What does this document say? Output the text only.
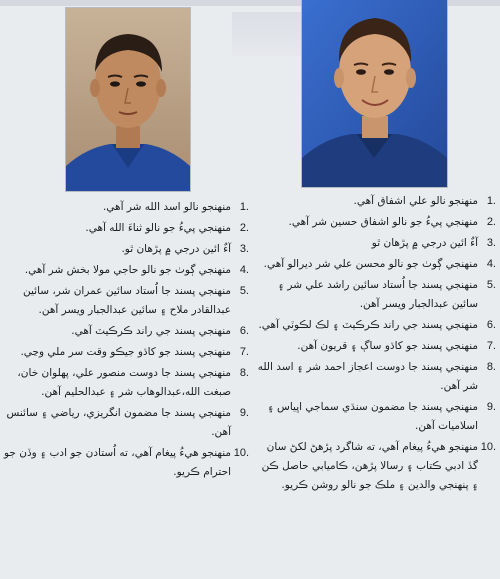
1.
منهنجو نالو اسد الله شر آهي.
2.
منهنجي پيءُ جو نالو ثناءَ الله آهي.
3.
آءٌ ائين درجي ۾ پڙهان ٿو.
4.
منهنجي ڳوٺ جو نالو حاجي مولا بخش شر آهي.
5.
منهنجي پسند جا اُستاد سائين عمران شر، سائين عبدالقادر ملاح ۽ سائين عبدالجبار ويسر آهن.
6.
منهنجي پسند جي راند ڪرڪيٽ آهي.
7.
منهنجي پسند جو کاڌو جيڪو وقت سر ملي وڃي.
8.
منهنجي پسند جا دوست منصور علي، پهلوان خان، صبغت الله،عبدالوهاب شر ۽ عبدالحليم آهن.
9.
منهنجي پسند جا مضمون انگريزي، رياضي ۽ سائنس آهن.
10.
منهنجو هيءُ پيغام آهي، ته اُستادن جو ادب ۽ وڏن جو احترام ڪريو.
1.
منهنجو نالو علي اشفاق آهي.
2.
منهنجي پيءُ جو نالو اشفاق حسين شر آهي.
3.
آءٌ ائين درجي ۾ پڙهان ٿو
4.
منهنجي ڳوٺ جو نالو محسن علي شر ديرالو آهي.
5.
منهنجي پسند جا اُستاد سائين راشد علي شر ۽ سائين عبدالجبار ويسر آهن.
6.
منهنجي پسند جي راند ڪرڪيٽ ۽ لڪ لڪوٽي آهي.
7.
منهنجي پسند جو کاڌو ساڳ ۽ قريون آهن.
8.
منهنجي پسند جا دوست اعجاز احمد شر ۽ اسد الله شر آهن.
9.
منهنجي پسند جا مضمون سنڌي سماجي اڀياس ۽ اسلاميات آهن.
10.
منهنجو هيءُ پيغام آهي، ته شاگرد پڙهڻ لکڻ سان گڏ ادبي ڪتاب ۽ رسالا پڙهن، ڪاميابي حاصل ڪن ۽ پنهنجي والدين ۽ ملڪ جو نالو روشن ڪريو.
